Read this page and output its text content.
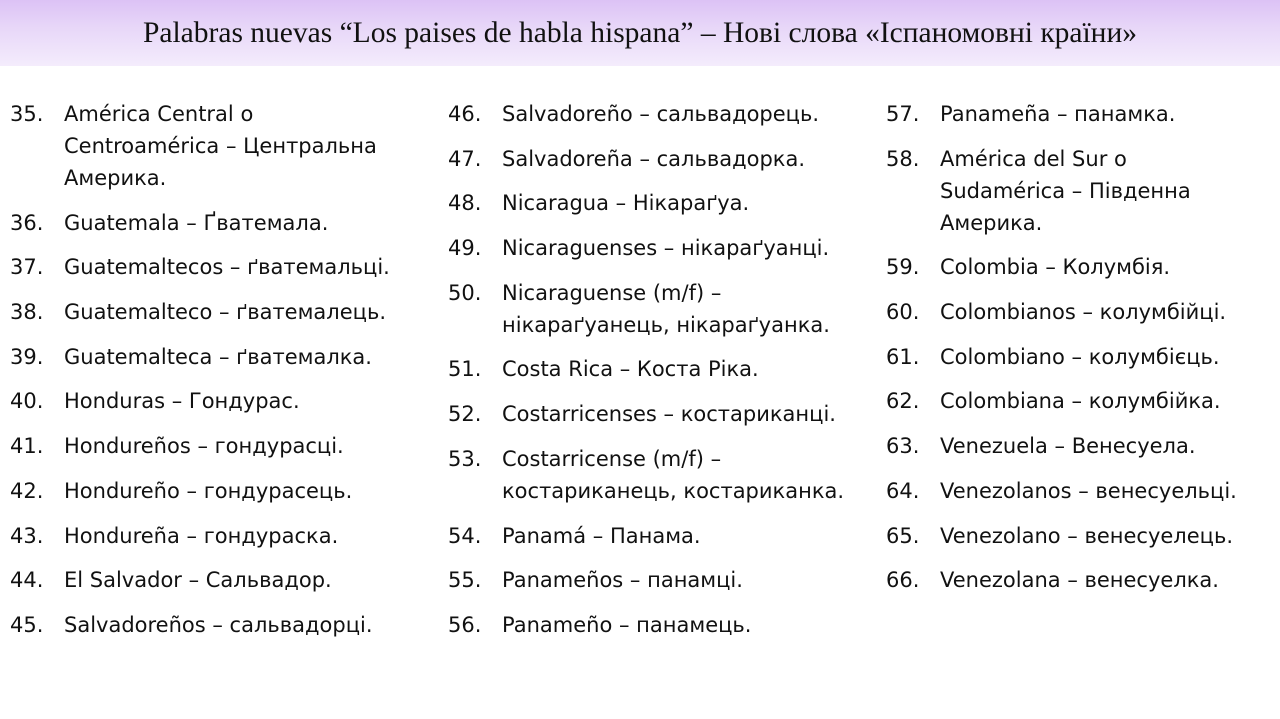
Palabras nuevas “Los paises de habla hispana” – Нові слова «Іспаномовні країни»
35. América Central o
Centroamérica – Центральна
Америка.
36. Guatemala – Ґватемала.
37. Guatemaltecos – ґватемальці.
38. Guatemalteco – ґватемалець.
39. Guatemalteca – ґватемалка.
40. Honduras – Гондурас.
41. Hondureños – гондурасці.
42. Hondureño – гондурасець.
43. Hondureña – гондураска.
44. El Salvador – Сальвадор.
45. Salvadoreños – сальвадорці.
46. Salvadoreño – сальвадорець.
47. Salvadoreña – сальвадорка.
48. Nicaragua – Нікараґуа.
49. Nicaraguenses – нікараґуанці.
50. Nicaraguense (m/f) –
нікараґуанець, нікараґуанка.
51. Costa Rica – Коста Ріка.
52. Costarricenses – костариканці.
53. Costarricense (m/f) –
костариканець, костариканка.
54. Panamá – Панама.
55. Panameños – панамці.
56. Panameño – панамець.
57. Panameña – панамка.
58. América del Sur o
Sudamérica – Південна
Америка.
59. Colombia – Колумбія.
60. Colombianos – колумбійці.
61. Colombiano – колумбієць.
62. Colombiana – колумбійка.
63. Venezuela – Венесуела.
64. Venezolanos – венесуельці.
65. Venezolano – венесуелець.
66. Venezolana – венесуелка.
